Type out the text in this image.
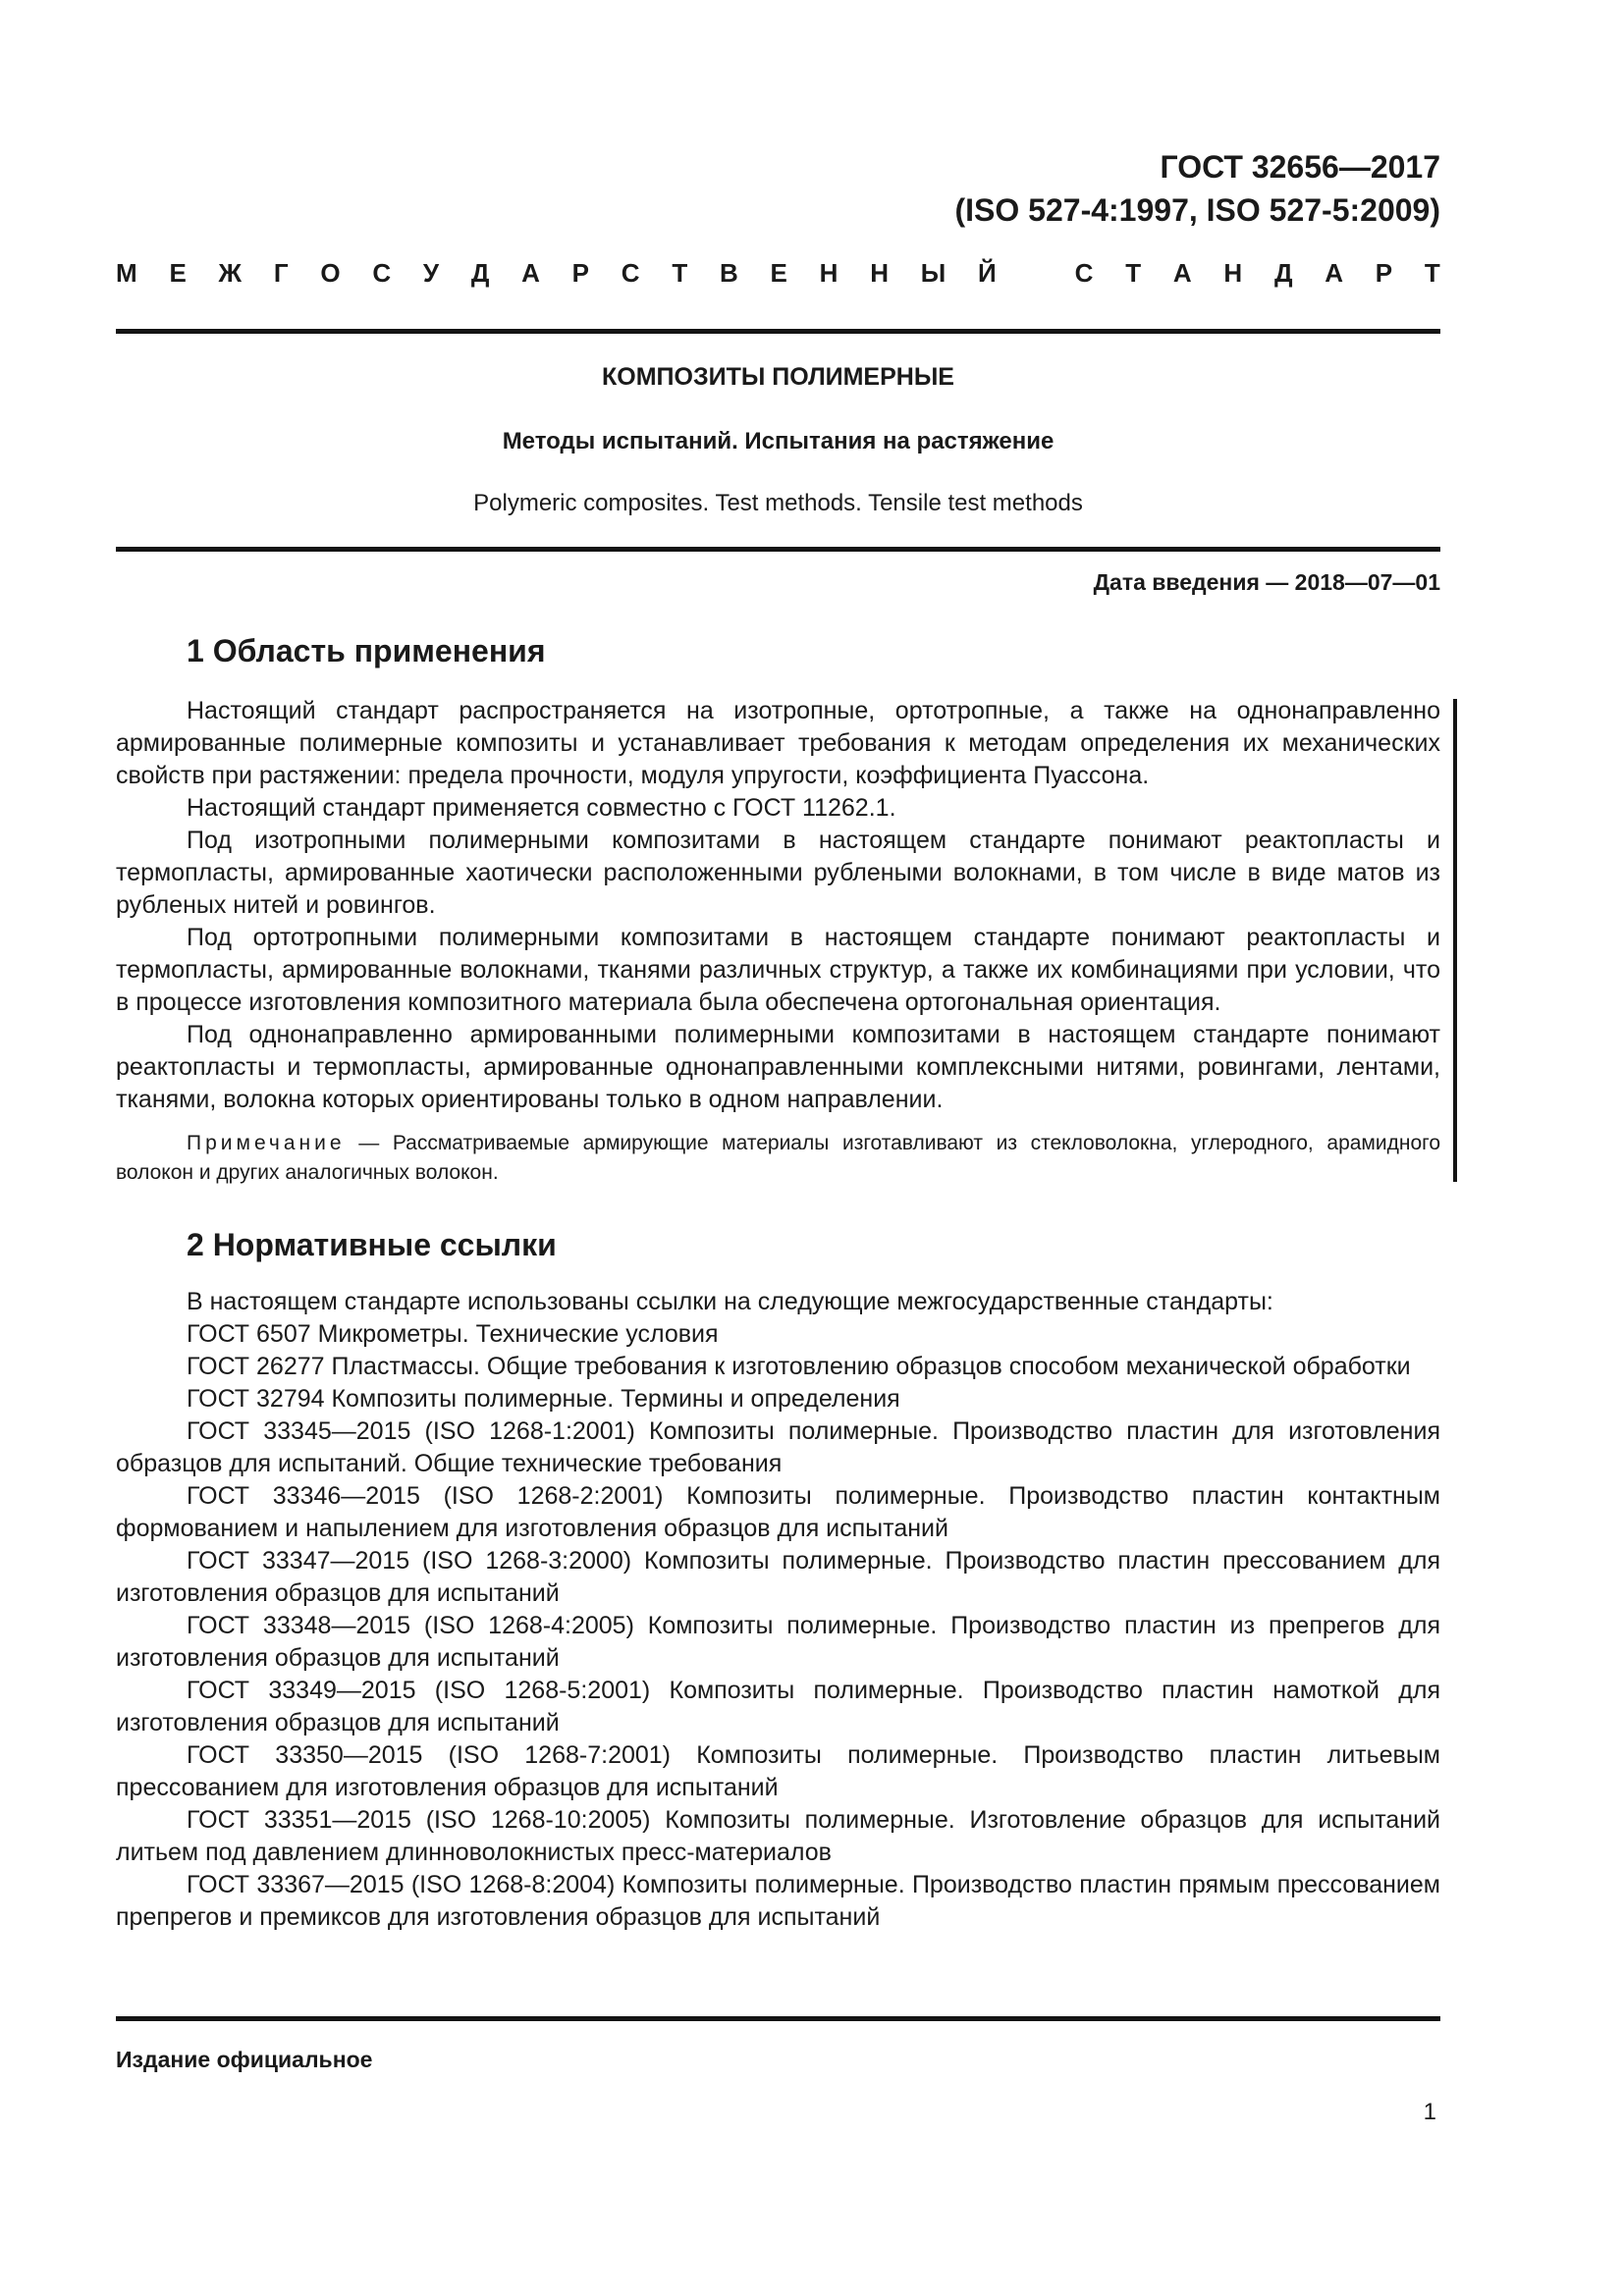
ГОСТ 32656—2017
(ISO 527-4:1997, ISO 527-5:2009)
М Е Ж Г О С У Д А Р С Т В Е Н Н Ы Й
	С Т А Н Д А Р Т
КОМПОЗИТЫ ПОЛИМЕРНЫЕ
Методы испытаний. Испытания на растяжение
Polymeric composites. Test methods. Tensile test methods
Дата введения — 2018—07—01
1 Область применения

Настоящий стандарт распространяется на изотропные, ортотропные, а также на однонаправленно армированные полимерные композиты и устанавливает требования к методам определения их механических свойств при растяжении: предела прочности, модуля упругости, коэффициента Пуассона.

Настоящий стандарт применяется совместно с ГОСТ 11262.1.

Под изотропными полимерными композитами в настоящем стандарте понимают реактопласты и термопласты, армированные хаотически расположенными рублеными волокнами, в том числе в виде матов из рубленых нитей и ровингов.

Под ортотропными полимерными композитами в настоящем стандарте понимают реактопласты и термопласты, армированные волокнами, тканями различных структур, а также их комбинациями при условии, что в процессе изготовления композитного материала была обеспечена ортогональная ориентация.

Под однонаправленно армированными полимерными композитами в настоящем стандарте понимают реактопласты и термопласты, армированные однонаправленными комплексными нитями, ровингами, лентами, тканями, волокна которых ориентированы только в одном направлении.

Примечание — Рассматриваемые армирующие материалы изготавливают из стекловолокна, углеродного, арамидного волокон и других аналогичных волокон.

2 Нормативные ссылки

В настоящем стандарте использованы ссылки на следующие межгосударственные стандарты:

ГОСТ 6507 Микрометры. Технические условия

ГОСТ 26277 Пластмассы. Общие требования к изготовлению образцов способом механической обработки

ГОСТ 32794 Композиты полимерные. Термины и определения

ГОСТ 33345—2015 (ISO 1268-1:2001) Композиты полимерные. Производство пластин для изготовления образцов для испытаний. Общие технические требования

ГОСТ 33346—2015 (ISO 1268-2:2001) Композиты полимерные. Производство пластин контактным формованием и напылением для изготовления образцов для испытаний

ГОСТ 33347—2015 (ISO 1268-3:2000) Композиты полимерные. Производство пластин прессованием для изготовления образцов для испытаний

ГОСТ 33348—2015 (ISO 1268-4:2005) Композиты полимерные. Производство пластин из препрегов для изготовления образцов для испытаний

ГОСТ 33349—2015 (ISO 1268-5:2001) Композиты полимерные. Производство пластин намоткой для изготовления образцов для испытаний

ГОСТ 33350—2015 (ISO 1268-7:2001) Композиты полимерные. Производство пластин литьевым прессованием для изготовления образцов для испытаний

ГОСТ 33351—2015 (ISO 1268-10:2005) Композиты полимерные. Изготовление образцов для испытаний литьем под давлением длинноволокнистых пресс-материалов

ГОСТ 33367—2015 (ISO 1268-8:2004) Композиты полимерные. Производство пластин прямым прессованием препрегов и премиксов для изготовления образцов для испытаний

Издание официальное
1
